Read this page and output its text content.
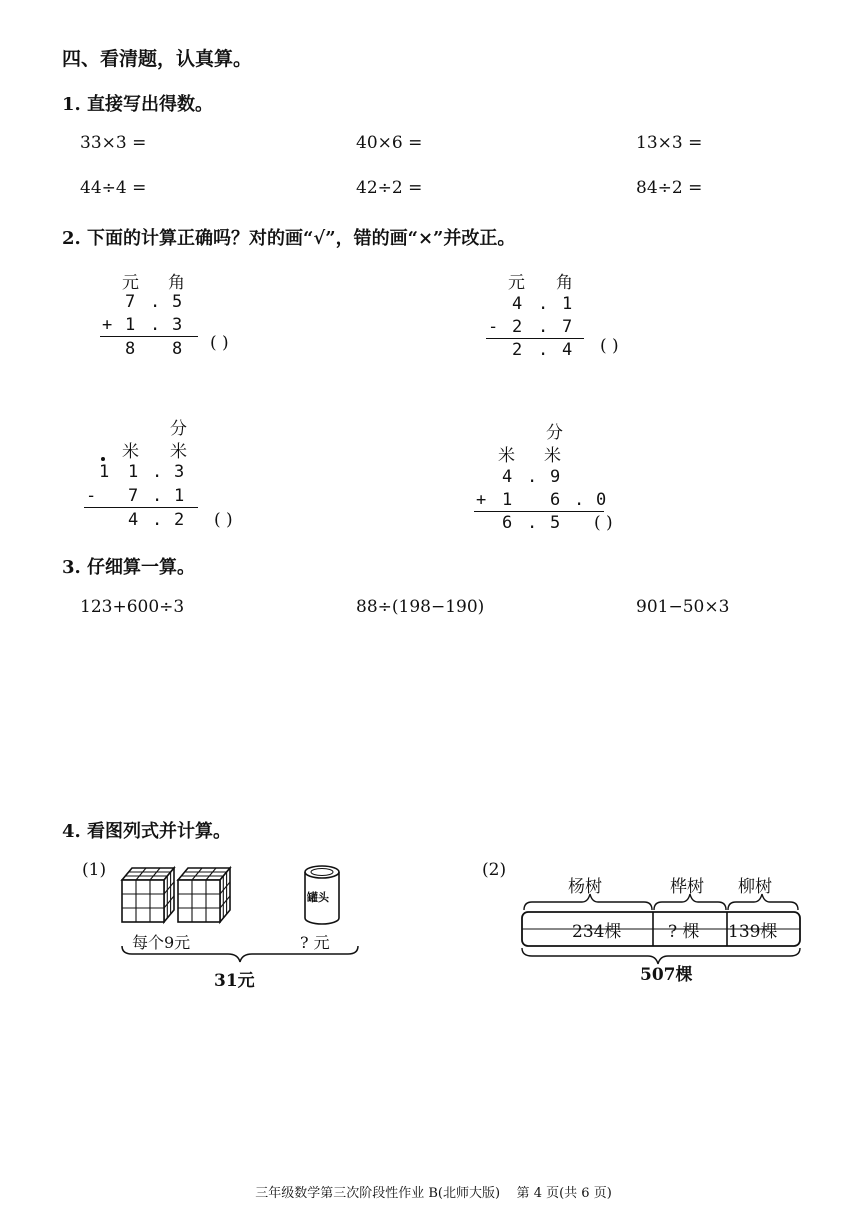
四、看清题，认真算。
1. 直接写出得数。
33×3 =	40×6 =	13×3 =
44÷4 =	42÷2 =	84÷2 =
2. 下面的计算正确吗？对的画“√”，错的画“×”并改正。
元 角
7 . 5
+ 1 . 3
8 8 ( )
元 角
4 . 1
- 2 . 7
2 . 4 ( )
分
米 米
1 1 . 3
- 7 . 1
4 . 2 ( )
分
米 米
4 . 9
+ 1 6 . 0
6 . 5 ( )
3. 仔细算一算。
123+600÷3	88÷(198−190)	901−50×3
4. 看图列式并计算。
(1)
罐头
每个9元	? 元
31元
(2)
杨树	桦树 柳树
234棵	? 棵 139棵
507棵
三年级数学第三次阶段性作业 B(北师大版)    第 4 页(共 6 页)
